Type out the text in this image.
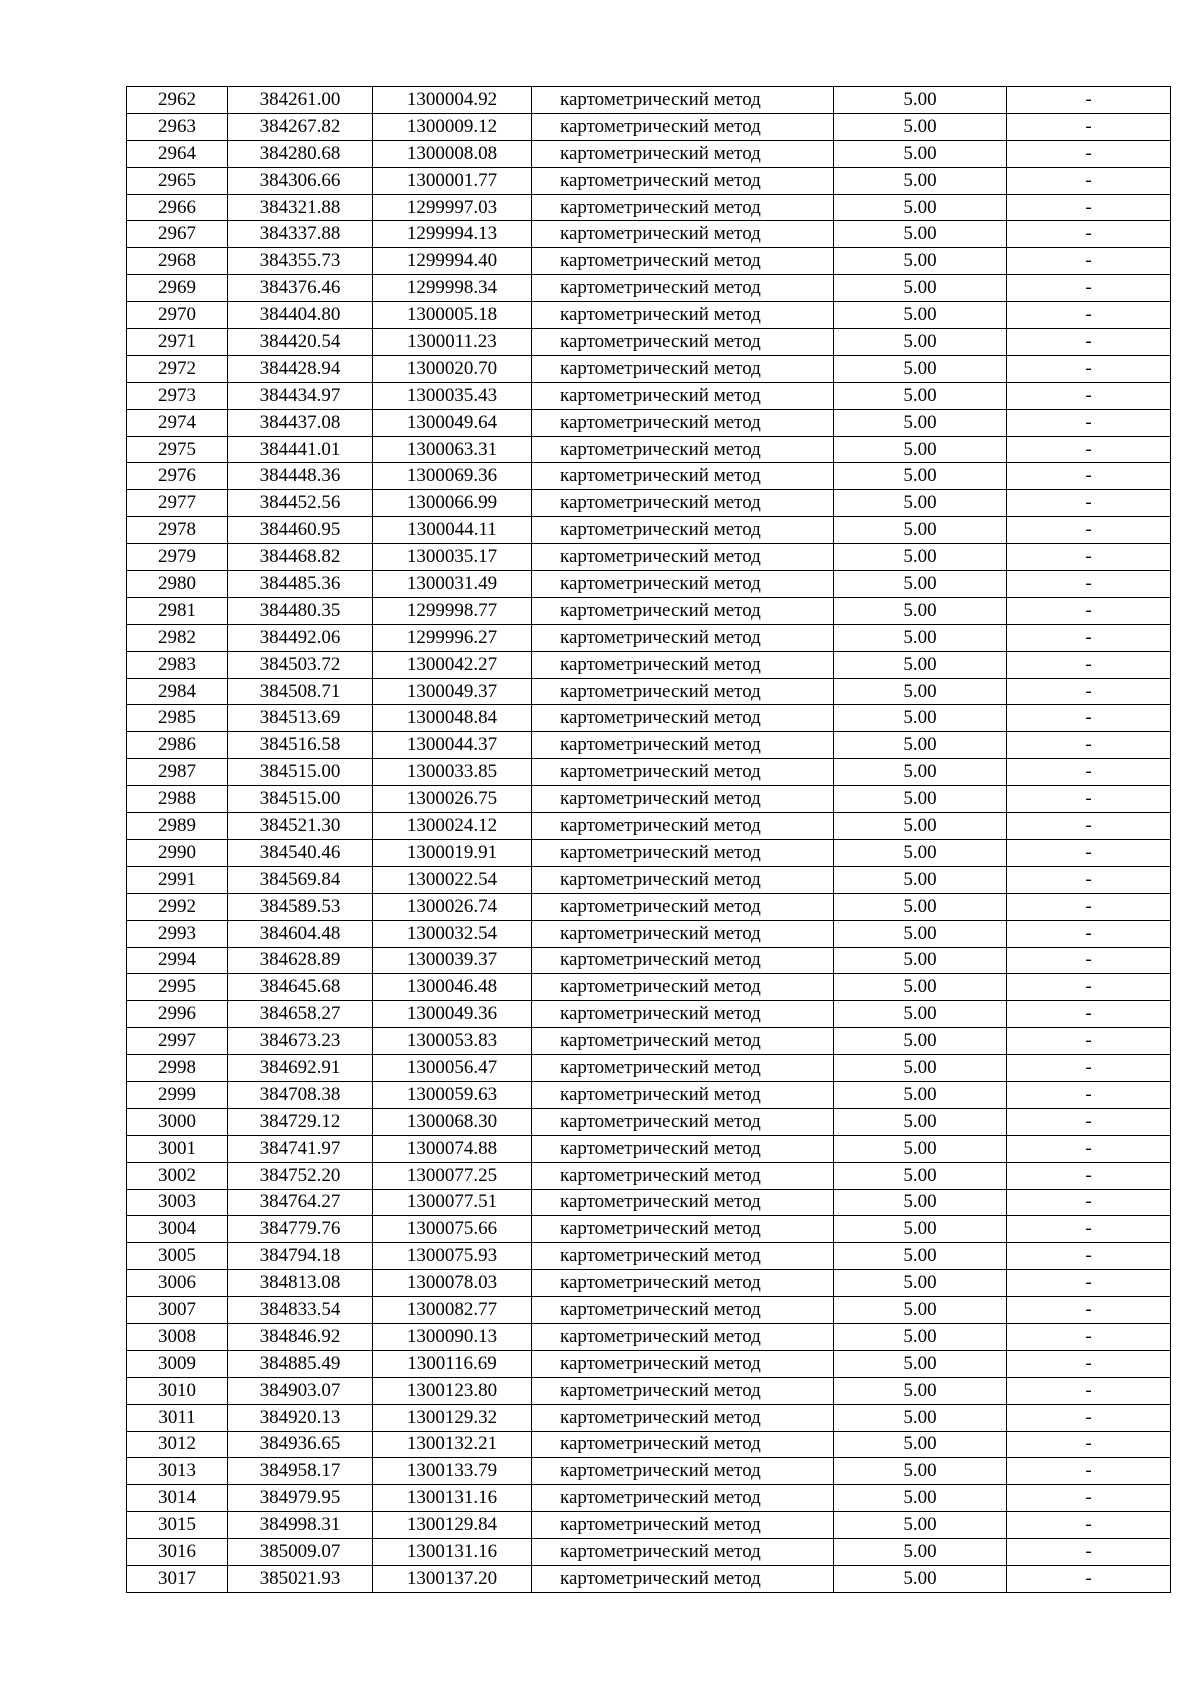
2962	384261.00	1300004.92	картометрический метод	5.00	-
2963	384267.82	1300009.12	картометрический метод	5.00	-
2964	384280.68	1300008.08	картометрический метод	5.00	-
2965	384306.66	1300001.77	картометрический метод	5.00	-
2966	384321.88	1299997.03	картометрический метод	5.00	-
2967	384337.88	1299994.13	картометрический метод	5.00	-
2968	384355.73	1299994.40	картометрический метод	5.00	-
2969	384376.46	1299998.34	картометрический метод	5.00	-
2970	384404.80	1300005.18	картометрический метод	5.00	-
2971	384420.54	1300011.23	картометрический метод	5.00	-
2972	384428.94	1300020.70	картометрический метод	5.00	-
2973	384434.97	1300035.43	картометрический метод	5.00	-
2974	384437.08	1300049.64	картометрический метод	5.00	-
2975	384441.01	1300063.31	картометрический метод	5.00	-
2976	384448.36	1300069.36	картометрический метод	5.00	-
2977	384452.56	1300066.99	картометрический метод	5.00	-
2978	384460.95	1300044.11	картометрический метод	5.00	-
2979	384468.82	1300035.17	картометрический метод	5.00	-
2980	384485.36	1300031.49	картометрический метод	5.00	-
2981	384480.35	1299998.77	картометрический метод	5.00	-
2982	384492.06	1299996.27	картометрический метод	5.00	-
2983	384503.72	1300042.27	картометрический метод	5.00	-
2984	384508.71	1300049.37	картометрический метод	5.00	-
2985	384513.69	1300048.84	картометрический метод	5.00	-
2986	384516.58	1300044.37	картометрический метод	5.00	-
2987	384515.00	1300033.85	картометрический метод	5.00	-
2988	384515.00	1300026.75	картометрический метод	5.00	-
2989	384521.30	1300024.12	картометрический метод	5.00	-
2990	384540.46	1300019.91	картометрический метод	5.00	-
2991	384569.84	1300022.54	картометрический метод	5.00	-
2992	384589.53	1300026.74	картометрический метод	5.00	-
2993	384604.48	1300032.54	картометрический метод	5.00	-
2994	384628.89	1300039.37	картометрический метод	5.00	-
2995	384645.68	1300046.48	картометрический метод	5.00	-
2996	384658.27	1300049.36	картометрический метод	5.00	-
2997	384673.23	1300053.83	картометрический метод	5.00	-
2998	384692.91	1300056.47	картометрический метод	5.00	-
2999	384708.38	1300059.63	картометрический метод	5.00	-
3000	384729.12	1300068.30	картометрический метод	5.00	-
3001	384741.97	1300074.88	картометрический метод	5.00	-
3002	384752.20	1300077.25	картометрический метод	5.00	-
3003	384764.27	1300077.51	картометрический метод	5.00	-
3004	384779.76	1300075.66	картометрический метод	5.00	-
3005	384794.18	1300075.93	картометрический метод	5.00	-
3006	384813.08	1300078.03	картометрический метод	5.00	-
3007	384833.54	1300082.77	картометрический метод	5.00	-
3008	384846.92	1300090.13	картометрический метод	5.00	-
3009	384885.49	1300116.69	картометрический метод	5.00	-
3010	384903.07	1300123.80	картометрический метод	5.00	-
3011	384920.13	1300129.32	картометрический метод	5.00	-
3012	384936.65	1300132.21	картометрический метод	5.00	-
3013	384958.17	1300133.79	картометрический метод	5.00	-
3014	384979.95	1300131.16	картометрический метод	5.00	-
3015	384998.31	1300129.84	картометрический метод	5.00	-
3016	385009.07	1300131.16	картометрический метод	5.00	-
3017	385021.93	1300137.20	картометрический метод	5.00	-
